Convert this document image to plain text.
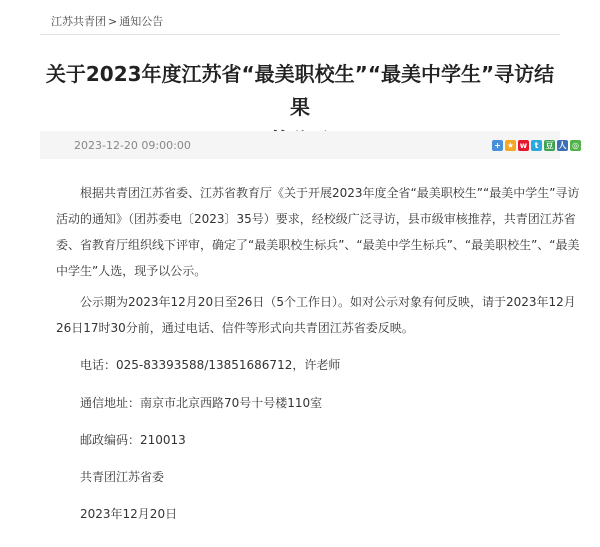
江苏共青团 > 通知公告
关于2023年度江苏省“最美职校生”“最美中学生”寻访结果
2023-12-20 09:00:00	+ ★ w t 豆 人 ◎
根据共青团江苏省委、江苏省教育厅《关于开展2023年度全省“最美职校生”“最美中学生”寻访活动的通知》（团苏委电〔2023〕35号）要求，经校级广泛寻访，县市级审核推荐，共青团江苏省委、省教育厅组织线下评审，确定了“最美职校生标兵”、“最美中学生标兵”、“最美职校生”、“最美中学生”人选，现予以公示。
公示期为2023年12月20日至26日（5个工作日）。如对公示对象有何反映，请于2023年12月26日17时30分前，通过电话、信件等形式向共青团江苏省委反映。
电话：025-83393588/13851686712，许老师
通信地址：南京市北京西路70号十号楼110室
邮政编码：210013
共青团江苏省委
2023年12月20日
